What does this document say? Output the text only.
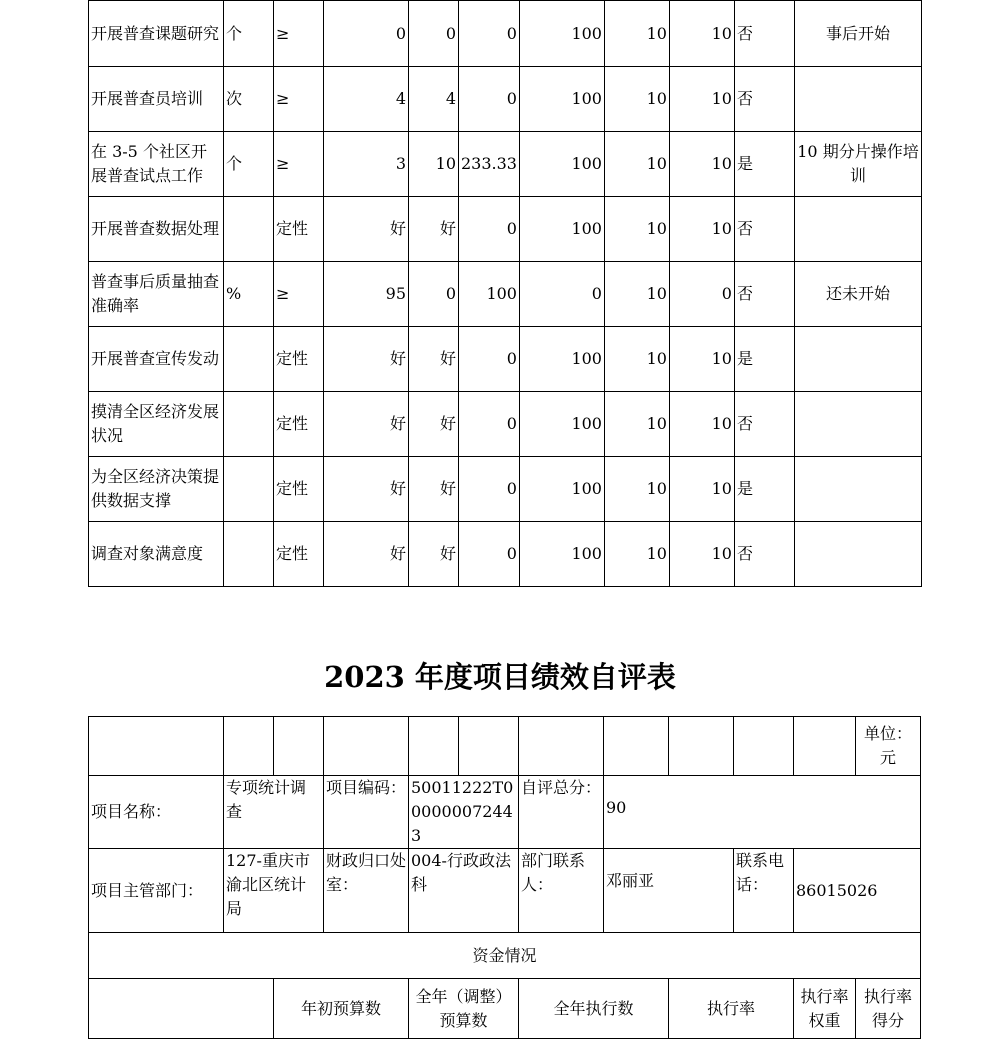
开展普查课题研究	个	≥	0	0	0	100	10	10	否	事后开始
开展普查员培训	次	≥	4	4	0	100	10	10	否	
在 3-5 个社区开展普查试点工作	个	≥	3	10	233.33	100	10	10	是	10 期分片操作培训
开展普查数据处理		定性	好	好	0	100	10	10	否	
普查事后质量抽查准确率	%	≥	95	0	100	0	10	0	否	还未开始
开展普查宣传发动		定性	好	好	0	100	10	10	是	
摸清全区经济发展状况		定性	好	好	0	100	10	10	否	
为全区经济决策提供数据支撑		定性	好	好	0	100	10	10	是	
调查对象满意度		定性	好	好	0	100	10	10	否	
2023 年度项目绩效自评表
											单位：元
项目名称：	专项统计调查		项目编码：	50011222T000000072443		自评总分：	90				
项目主管部门：	127-重庆市渝北区统计局		财政归口处室：	004-行政政法科		部门联系人：	邓丽亚		联系电话：	86015026	
资金情况											
		年初预算数		全年（调整）预算数		全年执行数		执行率		执行率权重	执行率得分
